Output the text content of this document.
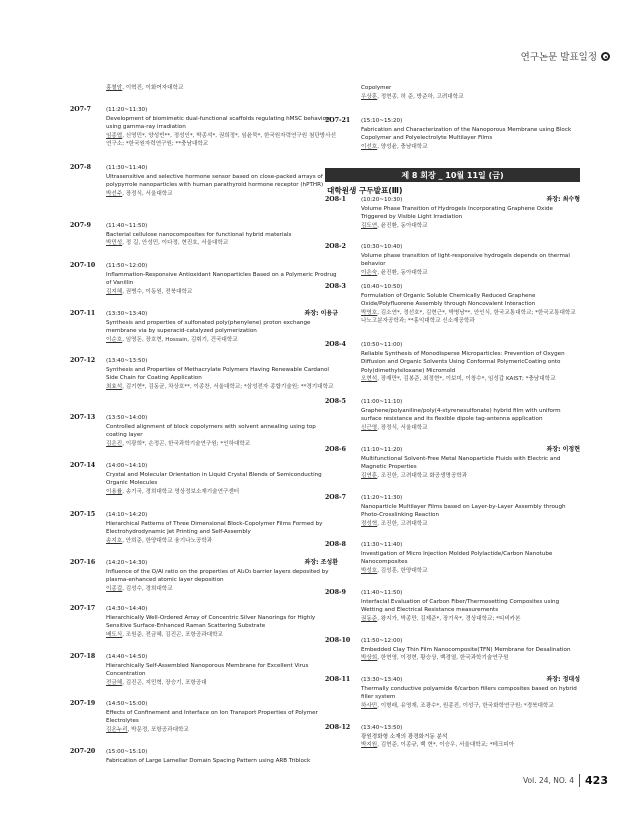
연구논문 발표일정
홍철암, 이혁진, 이화여자대학교
2O7-7	(11:20~11:30)
Development of biomimetic dual-functional scaffolds regulating hMSC behaviors using gamma-ray irradiation
임종엽, 신영민*, 양성빈**, 정성인*, 박종석*, 권희정*, 임윤묵*, 한국원자력연구원 첨단방사선연구소; *한국원자력연구원; **충남대학교
2O7-8	(11:30~11:40)
Ultrasensitive and selective hormone sensor based on close-packed arrays of polypyrrole nanoparticles with human parathyroid hormone receptor (hPTHR)
박선주, 장정식, 서울대학교
2O7-9	(11:40~11:50)
Bacterial cellulose nanocomposites for functional hybrid materials
박민성, 정 길, 안성민, 이다정, 현진호, 서울대학교
2O7-10 (11:50~12:00)
Inflammation-Responsive Antioxidant Nanoparticles Based on a Polymeric Prodrug of Vanillin
김지혜, 권병수, 이동원, 전북대학교
2O7-11	좌장: 이용규
(13:30~13:40)
Synthesis and properties of sulfonated poly(phenylene) proton exchange membrane via by superacid-catalyzed polymerization
이순호, 임영돈, 장호현, Hossain, 김휘기, 건국대학교
2O7-12 (13:40~13:50)
Synthesis and Properties of Methacrylate Polymers Having Renewable Cardanol Side Chain for Coating Application
최효석, 김기현*, 김동균, 차상호**, 이종찬, 서울대학교; *삼성전자 종합기술원; **경기대학교
2O7-13 (13:50~14:00)
Controlled alignment of block copolymers with solvent annealing using top coating layer
김은진, 이광희*, 손정곤, 한국과학기술연구원; *인하대학교
2O7-14 (14:00~14:10)
Crystal and Molecular Orientation in Liquid Crystal Blends of Semiconducting Organic Molecules
이용률, 송기국, 경희대학교 영상정보소재기술연구센터
2O7-15 (14:10~14:20)
Hierarchical Patterns of Three Dimensional Block-Copolymer Films Formed by Electrohydrodynamic Jet Printing and Self-Assembly
송지호, 안희준, 한양대학교 융기나노공학과
2O7-16	좌장: 조성환
(14:20~14:30)
Influence of the O/Al ratio on the properties of Al₂O₃ barrier layers deposited by plasma-enhanced atomic layer deposition
이종걸, 김성수, 경희대학교
2O7-17 (14:30~14:40)
Hierarchically Well-Ordered Array of Concentric Silver Nanorings for Highly Sensitive Surface-Enhanced Raman Scattering Substrate
배도식, 조원준, 전금혜, 김진곤, 포항공과대학교
2O7-18 (14:40~14:50)
Hierarchically Self-Assembled Nanoporous Membrane for Excellent Virus Concentration
전금혜, 김진곤, 지민혁, 장승기, 포항공대
2O7-19 (14:50~15:00)
Effects of Confinement and Interface on Ion Transport Properties of Polymer Electrolytes
김온누리, 박문정, 포항공과대학교
2O7-20 (15:00~15:10)
Fabrication of Large Lamellar Domain Spacing Pattern using ARB Triblock
Copolymer
우상훈, 정현종, 허 준, 방준하, 고려대학교
2O7-21 (15:10~15:20)
Fabrication and Characterization of the Nanoporous Membrane using Block Copolymer and Polyelectrolyte Multilayer Films
이선호, 양성윤, 충남대학교
2O8-1	좌장: 최수형
(10:20~10:30)
Volume Phase Transition of Hydrogels Incorporating Graphene Oxide Triggered by Visible Light Irradiation
김도연, 윤진환, 동아대학교
2O8-2	(10:30~10:40)
Volume phase transition of light-responsive hydrogels depends on thermal behavior
이은숙, 윤진환, 동아대학교
2O8-3	(10:40~10:50)
Formulation of Organic Soluble Chemically Reduced Graphene Oxide/Polyfluorene Assembly through Noncovalent Interaction
박영호, 김소연*, 정선호*, 김현근*, 박병남**, 안인식, 한국교통대학교; *한국교통대학교 나노고분자공학과; **홍익대학교 신소재공학과
2O8-4	(10:50~11:00)
Reliable Synthesis of Monodisperse Microparticles: Prevention of Oxygen Diffusion and Organic Solvents Using Conformal PolymericCoating onto Poly(dimethylsiloxane) Micromold
오현석, 장재만*, 김봉준, 최정현*, 이보미, 이창수*, 임성갑 KAIST; *충남대학교
2O8-5	(11:00~11:10)
Graphene/polyaniline/poly(4-styrenesulfonate) hybrid film with uniform surface resistance and its flexible dipole tag-antenna application
신근영, 장정식, 서울대학교
2O8-6	좌장: 이정현
(11:10~11:20)
Multifunctional Solvent-Free Metal Nanoparticle Fluids with Electric and Magnetic Properties
김연훈, 조진한, 고려대학교 화공생명공학과
2O8-7	(11:20~11:30)
Nanoparticle Multilayer Films based on Layer-by-Layer Assembly through Photo-Crosslinking Reaction
정성혁, 조진한, 고려대학교
2O8-8	(11:30~11:40)
Investigation of Micro Injection Molded Polylactide/Carbon Nanotube Nanocomposites
박성호, 김성훈, 한양대학교
2O8-9	(11:40~11:50)
Interfacial Evaluation of Carbon Fiber/Thermosetting Composites using Wetting and Electrical Resistance measurements
권동준, 왕지가, 박종만, 김제준*, 장기욱*, 경상대학교; *티비카본
2O8-10 (11:50~12:00)
Embedded Clay Thin Film Nanocomposite(TFN) Membrane for Desalination
박상희, 한현영, 이정현, 황승상, 백경열, 한국과학기술연구원
2O8-11	좌장: 정대성
(13:30~13:40)
Thermally conductive polyamide 6/carbon fillers composites based on hybrid filler system
하사민, 이형래, 유영재, 조광수*, 원종진, 이성구, 한국화학연구원; *경북대학교
2O8-12 (13:40~13:50)
광원경화형 소재의 광경화거동 분석
박지원, 김현준, 이종규, 백 현*, 이승우, 서울대학교; *테크피아
제 8 회장 _ 10월 11일 (금)
대학원생 구두발표(Ⅲ)
Vol. 24, NO. 4	423
